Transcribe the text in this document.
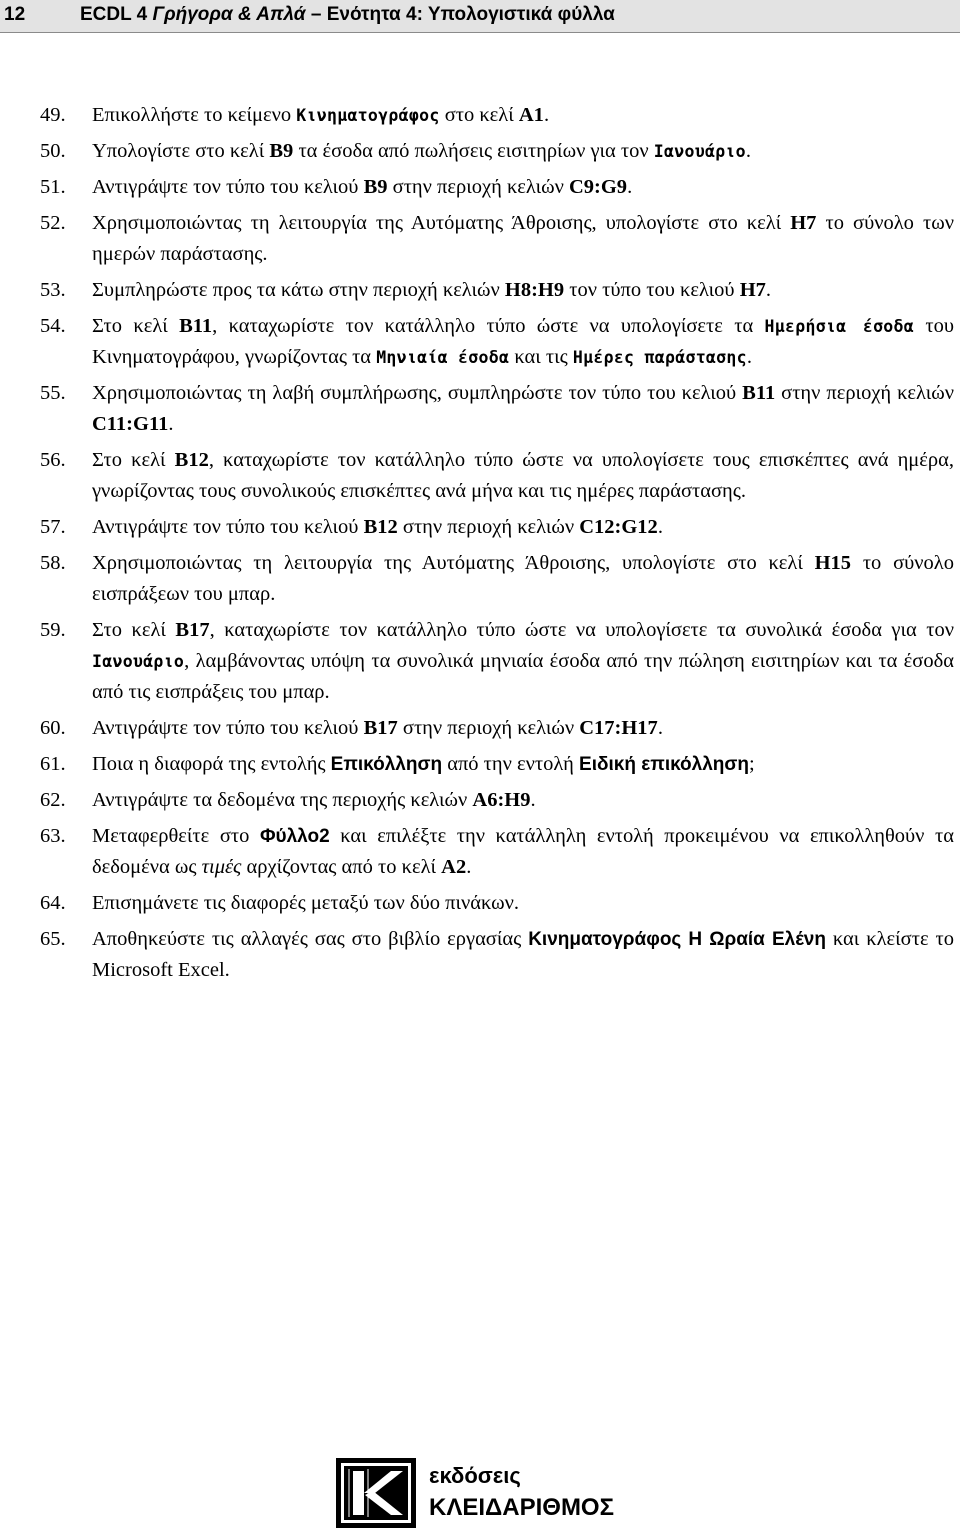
12	ECDL 4 Γρήγορα & Απλά – Ενότητα 4: Υπολογιστικά φύλλα
49. Επικολλήστε το κείμενο Κινηματογράφος στο κελί A1.
50. Υπολογίστε στο κελί B9 τα έσοδα από πωλήσεις εισιτηρίων για τον Ιανουάριο.
51. Αντιγράψτε τον τύπο του κελιού B9 στην περιοχή κελιών C9:G9.
52. Χρησιμοποιώντας τη λειτουργία της Αυτόματης Άθροισης, υπολογίστε στο κελί H7 το σύνολο των ημερών παράστασης.
53. Συμπληρώστε προς τα κάτω στην περιοχή κελιών H8:H9 τον τύπο του κελιού H7.
54. Στο κελί B11, καταχωρίστε τον κατάλληλο τύπο ώστε να υπολογίσετε τα Ημερήσια έσοδα του Κινηματογράφου, γνωρίζοντας τα Μηνιαία έσοδα και τις Ημέρες παράστασης.
55. Χρησιμοποιώντας τη λαβή συμπλήρωσης, συμπληρώστε τον τύπο του κελιού B11 στην περιοχή κελιών C11:G11.
56. Στο κελί B12, καταχωρίστε τον κατάλληλο τύπο ώστε να υπολογίσετε τους επισκέπτες ανά ημέρα, γνωρίζοντας τους συνολικούς επισκέπτες ανά μήνα και τις ημέρες παράστασης.
57. Αντιγράψτε τον τύπο του κελιού B12 στην περιοχή κελιών C12:G12.
58. Χρησιμοποιώντας τη λειτουργία της Αυτόματης Άθροισης, υπολογίστε στο κελί H15 το σύνολο εισπράξεων του μπαρ.
59. Στο κελί B17, καταχωρίστε τον κατάλληλο τύπο ώστε να υπολογίσετε τα συνολικά έσοδα για τον Ιανουάριο, λαμβάνοντας υπόψη τα συνολικά μηνιαία έσοδα από την πώληση εισιτηρίων και τα έσοδα από τις εισπράξεις του μπαρ.
60. Αντιγράψτε τον τύπο του κελιού B17 στην περιοχή κελιών C17:H17.
61. Ποια η διαφορά της εντολής Επικόλληση από την εντολή Ειδική επικόλληση;
62. Αντιγράψτε τα δεδομένα της περιοχής κελιών A6:H9.
63. Μεταφερθείτε στο Φύλλο2 και επιλέξτε την κατάλληλη εντολή προκειμένου να επικολληθούν τα δεδομένα ως τιμές αρχίζοντας από το κελί A2.
64. Επισημάνετε τις διαφορές μεταξύ των δύο πινάκων.
65. Αποθηκεύστε τις αλλαγές σας στο βιβλίο εργασίας Κινηματογράφος Η Ωραία Ελένη και κλείστε το Microsoft Excel.
εκδόσεις
ΚΛΕΙΔΑΡΙΘΜΟΣ
